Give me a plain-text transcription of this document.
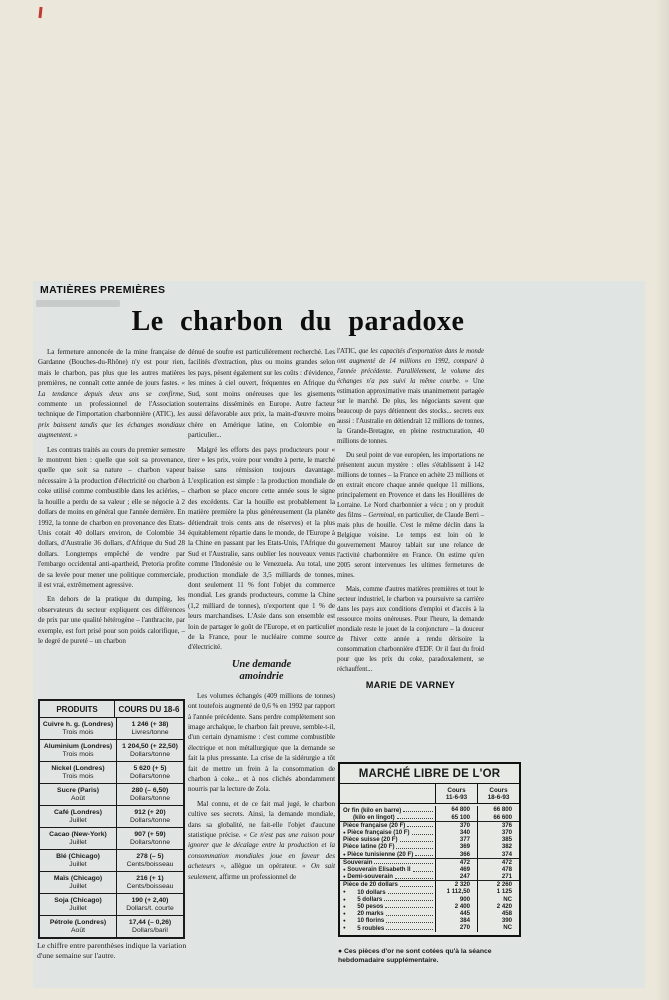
MATIÈRES PREMIÈRES
Le charbon du paradoxe

La fermeture annoncée de la mine française de Gardanne (Bouches-du-Rhône) n'y est pour rien, mais le charbon, pas plus que les autres matières premières, ne connaît cette année de jours fastes. « La tendance depuis deux ans se confirme, commente un professionnel de l'Association technique de l'importation charbonnière (ATIC), les prix baissent tandis que les échanges mondiaux augmentent. »

Les contrats traités au cours du premier semestre le montrent bien : quelle que soit sa provenance, quelle que soit sa nature – charbon vapeur nécessaire à la production d'électricité ou charbon à coke utilisé comme combustible dans les aciéries, – la houille a perdu de sa valeur ; elle se négocie à 2 dollars de moins en général que l'année dernière. En 1992, la tonne de charbon en provenance des Etats-Unis cotait 40 dollars environ, de Colombie 34 dollars, d'Australie 36 dollars, d'Afrique du Sud 28 dollars. Longtemps empêché de vendre par l'embargo occidental anti-apartheid, Pretoria profite de sa levée pour mener une politique commerciale, il est vrai, extrêmement agressive.

En dehors de la pratique du dumping, les observateurs du secteur expliquent ces différences de prix par une qualité hétérogène – l'anthracite, par exemple, est fort prisé pour son poids calorifique, – le degré de pureté – un charbon

dénué de soufre est particulièrement recherché. Les facilités d'extraction, plus ou moins grandes selon les pays, pèsent également sur les coûts : d'évidence, les mines à ciel ouvert, fréquentes en Afrique du Sud, sont moins onéreuses que les gisements souterrains disséminés en Europe. Autre facteur aussi défavorable aux prix, la main-d'œuvre moins chère en Amérique latine, en Colombie en particulier...

Malgré les efforts des pays producteurs pour « tirer » les prix, voire pour vendre à perte, le marché baisse sans rémission toujours davantage. L'explication est simple : la production mondiale de charbon se place encore cette année sous le signe des excédents. Car la houille est probablement la matière première la plus généreusement (la planète détiendrait trois cents ans de réserves) et la plus équitablement répartie dans le monde, de l'Europe à la Chine en passant par les Etats-Unis, l'Afrique du Sud et l'Australie, sans oublier les nouveaux venus comme l'Indonésie ou le Venezuela. Au total, une production mondiale de 3,5 milliards de tonnes, dont seulement 11 % font l'objet du commerce mondial. Les grands producteurs, comme la Chine (1,2 milliard de tonnes), n'exportent que 1 % de leurs marchandises. L'Asie dans son ensemble est loin de partager le goût de l'Europe, et en particulier de la France, pour le nucléaire comme source d'électricité.

Une demande
amoindrie

Les volumes échangés (409 millions de tonnes) ont toutefois augmenté de 0,6 % en 1992 par rapport à l'année précédente. Sans perdre complètement son image archaïque, le charbon fait preuve, semble-t-il, d'un certain dynamisme : c'est comme combustible électrique et non métallurgique que la demande se fait la plus pressante. La crise de la sidérurgie a tôt fait de mettre un frein à la consommation de charbon à coke... et à nos clichés abondamment nourris par la lecture de Zola.

Mal connu, et de ce fait mal jugé, le charbon cultive ses secrets. Ainsi, la demande mondiale, dans sa globalité, ne fait-elle l'objet d'aucune statistique précise. « Ce n'est pas une raison pour ignorer que le décalage entre la production et la consommation mondiales joue en faveur des acheteurs », allègue un opérateur. « On sait seulement, affirme un professionnel de

l'ATIC, que les capacités d'exportation dans le monde ont augmenté de 14 millions en 1992, comparé à l'année précédente. Parallèlement, le volume des échanges n'a pas suivi la même courbe. » Une estimation approximative mais unanimement partagée sur le marché. De plus, les négociants savent que beaucoup de pays détiennent des stocks... secrets eux aussi : l'Australie en détiendrait 12 millions de tonnes, la Grande-Bretagne, en pleine restructuration, 40 millions de tonnes.

Du seul point de vue européen, les importations ne présentent aucun mystère : elles s'établissent à 142 millions de tonnes – la France en achète 23 millions et en extrait encore chaque année quelque 11 millions, principalement en Provence et dans les Houillères de Lorraine. Le Nord charbonnier a vécu ; on y produit des films – Germinal, en particulier, de Claude Berri – mais plus de houille. C'est le même déclin dans la Belgique voisine. Le temps est loin où le gouvernement Mauroy tablait sur une relance de l'activité charbonnière en France. On estime qu'en 2005 seront intervenues les ultimes fermetures de mines.

Mais, comme d'autres matières premières et tout le secteur industriel, le charbon va poursuivre sa carrière dans les pays aux conditions d'emploi et d'accès à la ressource moins onéreuses. Pour l'heure, la demande mondiale reste le jouet de la conjoncture – la douceur de l'hiver cette année a rendu dérisoire la consommation charbonnière d'EDF. Or il faut du froid pour que les prix du coke, paradoxalement, se réchauffent...

MARIE DE VARNEY
PRODUITS	COURS DU 18-6
Cuivre h. g. (Londres)
Trois mois
1 246 (+ 38)
Livres/tonne
Aluminium (Londres)
Trois mois
1 204,50 (+ 22,50)
Dollars/tonne
Nickel (Londres)
Trois mois
5 620 (+ 5)
Dollars/tonne
Sucre (Paris)
Août
280 (– 6,50)
Dollars/tonne
Café (Londres)
Juillet
912 (+ 20)
Dollars/tonne
Cacao (New-York)
Juillet
907 (+ 59)
Dollars/tonne
Blé (Chicago)
Juillet
278 (– 5)
Cents/boisseau
Maïs (Chicago)
Juillet
216 (+ 1)
Cents/boisseau
Soja (Chicago)
Juillet
190 (+ 2,40)
Dollars/t. courte
Pétrole (Londres)
Août
17,44 (– 0,26)
Dollars/baril
Le chiffre entre parenthèses indique la variation d'une semaine sur l'autre.
MARCHÉ LIBRE DE L'OR
Cours
11-6-93
Cours
18-6-93
Or fin (kilo en barre)	64 800	66 800
(kilo en lingot)	65 100	66 600
Pièce française (20 F)	370	376
● Pièce française (10 F)	340	370
Pièce suisse (20 F)	377	385
Pièce latine (20 F)	369	382
● Pièce tunisienne (20 F)	366	374
Souverain	472	472
● Souverain Elisabeth II	469	478
● Demi-souverain	247	271
Pièce de 20 dollars	2 320	2 260
●	10 dollars	1 112,50	1 125
●	5 dollars	900	NC
●	50 pesos	2 400	2 420
●	20 marks	445	458
●	10 florins	384	390
●	5 roubles	270	NC
● Ces pièces d'or ne sont cotées qu'à la séance hebdomadaire supplémentaire.
